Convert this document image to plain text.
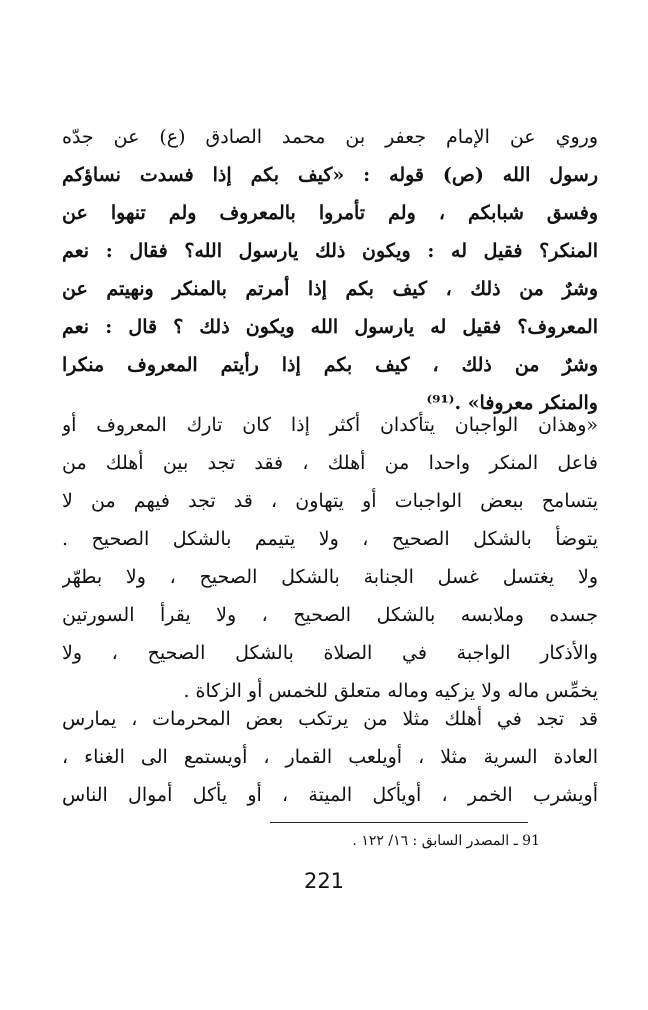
وروي عن الإمام جعفر بن محمد الصادق (ع) عن جدّه
رسول الله (ص) قوله : «كيف بكم إذا فسدت نساؤكم
وفسق شبابكم ، ولم تأمروا بالمعروف ولم تنهوا عن
المنكر؟ فقيل له : ويكون ذلك يارسول الله؟ فقال : نعم
وشرٌ من ذلك ، كيف بكم إذا أمرتم بالمنكر ونهيتم عن
المعروف؟ فقيل له يارسول الله ويكون ذلك ؟ قال : نعم
وشرٌ من ذلك ، كيف بكم إذا رأيتم المعروف منكرا
والمنكر معروفا» .⁽⁹¹⁾
«وهذان الواجبان يتأكدان أكثر إذا كان تارك المعروف أو
فاعل المنكر واحدا من أهلك ، فقد تجد بين أهلك من
يتسامح ببعض الواجبات أو يتهاون ، قد تجد فيهم من لا
يتوضأ بالشكل الصحيح ، ولا يتيمم بالشكل الصحيح .
ولا يغتسل غسل الجنابة بالشكل الصحيح ، ولا بطهّر
جسده وملابسه بالشكل الصحيح ، ولا يقرأ السورتين
والأذكار الواجبة في الصلاة بالشكل الصحيح ، ولا
يخمِّس ماله ولا يزكيه وماله متعلق للخمس أو الزكاة .
قد تجد في أهلك مثلا من يرتكب بعض المحرمات ، يمارس
العادة السرية مثلا ، أويلعب القمار ، أويستمع الى الغناء ،
أويشرب الخمر ، أويأكل الميتة ، أو يأكل أموال الناس
91 ـ المصدر السابق : ١٦/ ١٢٢ .
221
